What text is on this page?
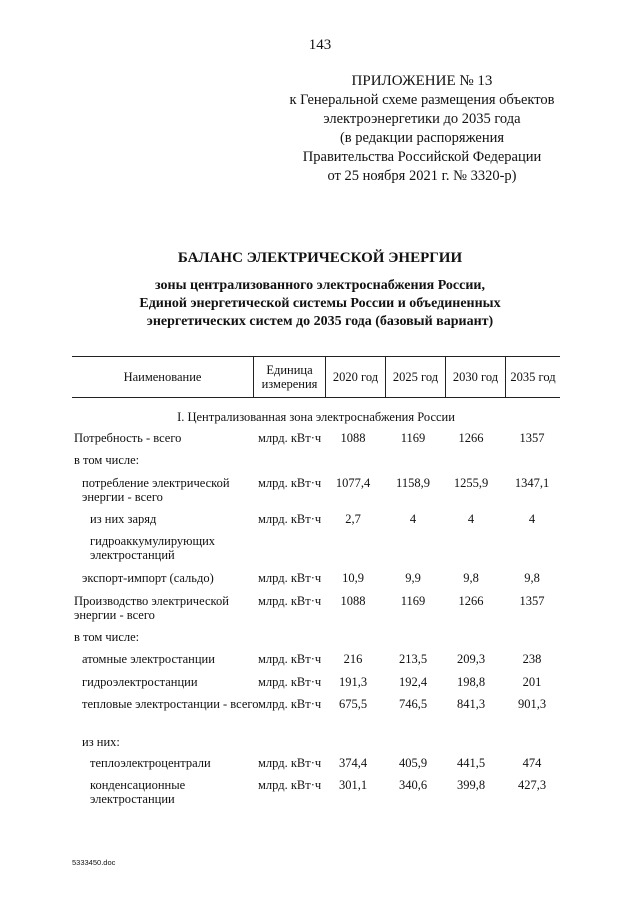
143
ПРИЛОЖЕНИЕ № 13
к Генеральной схеме размещения объектов
электроэнергетики до 2035 года
(в редакции распоряжения
Правительства Российской Федерации
от 25 ноября 2021 г. № 3320-р)
БАЛАНС ЭЛЕКТРИЧЕСКОЙ ЭНЕРГИИ
зоны централизованного электроснабжения России,
Единой энергетической системы России и объединенных
энергетических систем до 2035 года (базовый вариант)
Наименование	Единица измерения	2020 год	2025 год	2030 год 2035 год
I. Централизованная зона электроснабжения России
Потребность - всего	млрд. кВт·ч	1088	1169	1266	1357
в том числе:
потребление электрической энергии - всего
млрд. кВт·ч	1077,4	1158,9	1255,9	1347,1
из них заряд	млрд. кВт·ч	2,7	4	4	4
гидроаккумулирующих электростанций
экспорт-импорт (сальдо)	млрд. кВт·ч	10,9	9,9	9,8	9,8
Производство электрической энергии - всего
млрд. кВт·ч	1088	1169	1266	1357
в том числе:
атомные электростанции	млрд. кВт·ч	216	213,5	209,3	238
гидроэлектростанции	млрд. кВт·ч	191,3	192,4	198,8	201
тепловые электростанции - всего млрд. кВт·ч	675,5	746,5	841,3	901,3
из них:
теплоэлектроцентрали	млрд. кВт·ч	374,4	405,9	441,5	474
конденсационные электростанции
млрд. кВт·ч	301,1	340,6	399,8	427,3
5333450.doc
